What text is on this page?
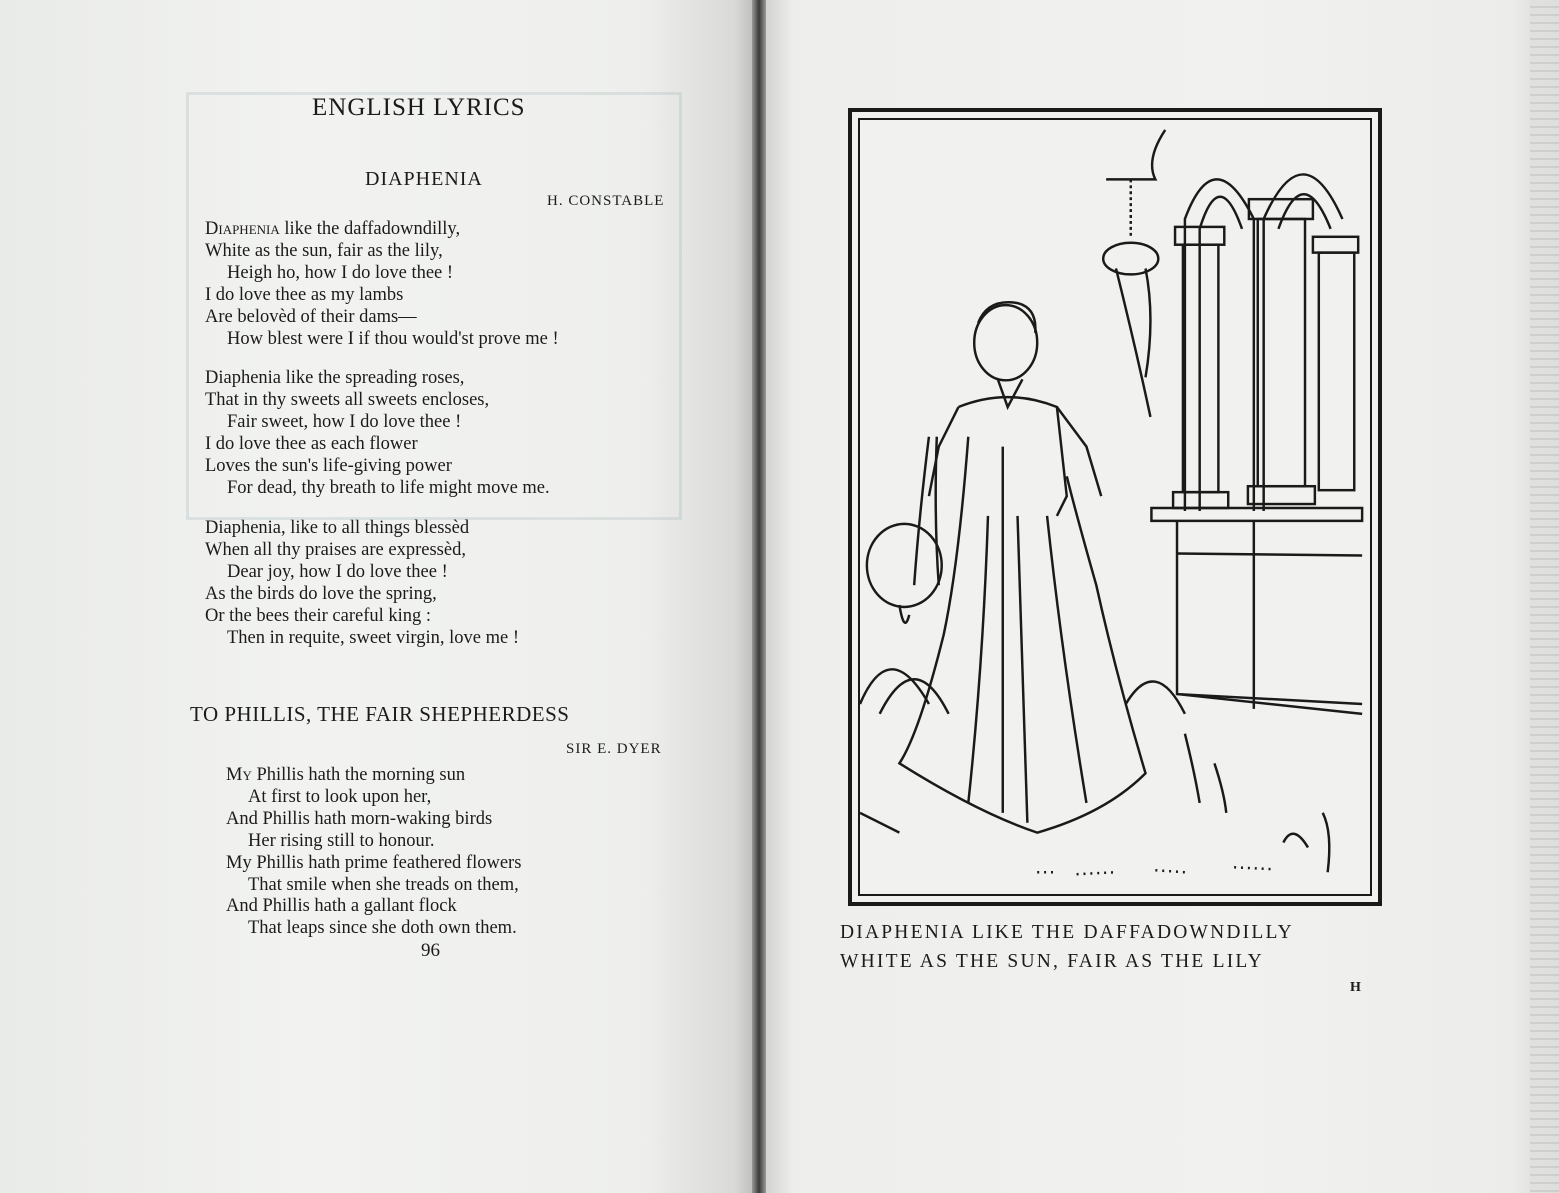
ENGLISH LYRICS
DIAPHENIA
H. CONSTABLE
Diaphenia like the daffadowndilly,
White as the sun, fair as the lily,
Heigh ho, how I do love thee !
I do love thee as my lambs
Are belovèd of their dams—
How blest were I if thou would'st prove me !
Diaphenia like the spreading roses,
That in thy sweets all sweets encloses,
Fair sweet, how I do love thee !
I do love thee as each flower
Loves the sun's life-giving power
For dead, thy breath to life might move me.
Diaphenia, like to all things blessèd
When all thy praises are expressèd,
Dear joy, how I do love thee !
As the birds do love the spring,
Or the bees their careful king :
Then in requite, sweet virgin, love me !
TO PHILLIS, THE FAIR SHEPHERDESS
SIR E. DYER
My Phillis hath the morning sun
At first to look upon her,
And Phillis hath morn-waking birds
Her rising still to honour.
My Phillis hath prime feathered flowers
That smile when she treads on them,
And Phillis hath a gallant flock
That leaps since she doth own them.
96
DIAPHENIA LIKE THE DAFFADOWNDILLY
WHITE AS THE SUN, FAIR AS THE LILY
H
